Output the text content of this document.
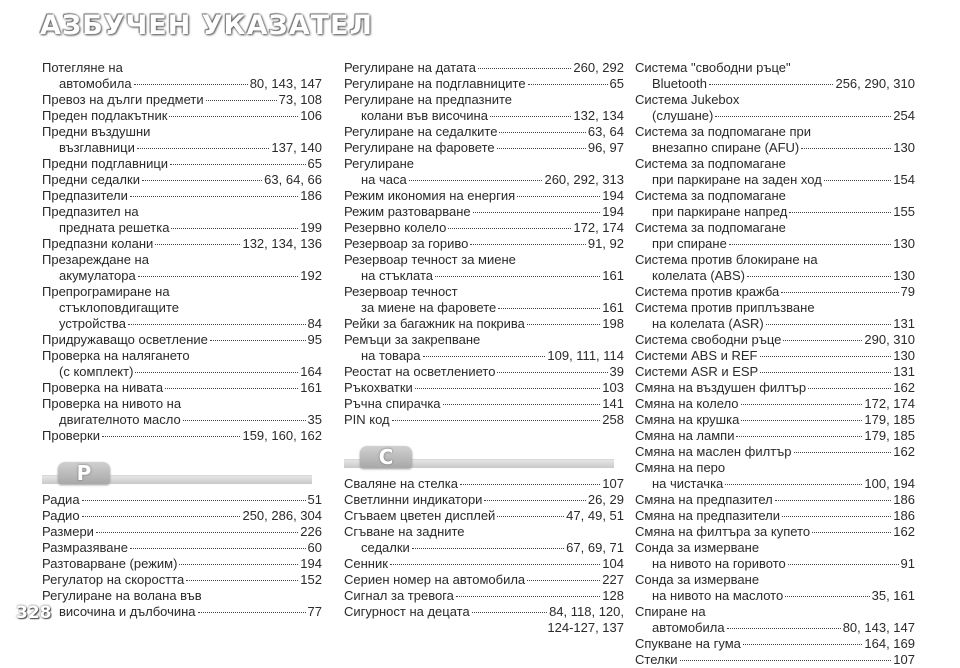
АЗБУЧЕН УКАЗАТЕЛ
Потегляне на
автомобила	80, 143, 147
Превоз на дълги предмети	73, 108
Преден подлакътник	106
Предни въздушни
възглавници	137, 140
Предни подглавници	65
Предни седалки	63, 64, 66
Предпазители	186
Предпазител на
предната решетка	199
Предпазни колани	132, 134, 136
Презареждане на
акумулатора	192
Препрограмиране на
стъклоповдигащите
устройства	84
Придружаващо осветление	95
Проверка на налягането
(с комплект)	164
Проверка на нивата	161
Проверка на нивото на
двигателното масло	35
Проверки	159, 160, 162
Р
Радиа	51
Радио	250, 286, 304
Размери	226
Размразяване	60
Разтоварване (режим)	194
Регулатор на скоростта	152
Регулиране на волана във
височина и дълбочина	77
Регулиране на датата	260, 292
Регулиране на подглавниците	65
Регулиране на предпазните
колани във височина	132, 134
Регулиране на седалките	63, 64
Регулиране на фаровете	96, 97
Регулиране
на часа	260, 292, 313
Режим икономия на енергия	194
Режим разтоварване	194
Резервно колело	172, 174
Резервоар за гориво	91, 92
Резервоар течност за миене
на стъклата	161
Резервоар течност
за миене на фаровете	161
Рейки за багажник на покрива	198
Ремъци за закрепване
на товара	109, 111, 114
Реостат на осветлението	39
Ръкохватки	103
Ръчна спирачка	141
PIN код	258
С
Сваляне на стелка	107
Светлинни индикатори	26, 29
Сгъваем цветен дисплей	47, 49, 51
Сгъване на задните
седалки	67, 69, 71
Сенник	104
Сериен номер на автомобила	227
Сигнал за тревога	128
Сигурност на децата	84, 118, 120,
124-127, 137
Система "свободни ръце"
Bluetooth	256, 290, 310
Система Jukebox
(слушане)	254
Система за подпомагане при
внезапно спиране (AFU)	130
Система за подпомагане
при паркиране на заден ход	154
Система за подпомагане
при паркиране напред	155
Система за подпомагане
при спиране	130
Система против блокиране на
колелата (ABS)	130
Система против кражба	79
Система против приплъзване
на колелата (ASR)	131
Система свободни ръце	290, 310
Системи ABS и REF	130
Системи ASR и ESP	131
Смяна на въздушен филтър	162
Смяна на колело	172, 174
Смяна на крушка	179, 185
Смяна на лампи	179, 185
Смяна на маслен филтър	162
Смяна на перо
на чистачка	100, 194
Смяна на предпазител	186
Смяна на предпазители	186
Смяна на филтъра за купето	162
Сонда за измерване
на нивото на горивото	91
Сонда за измерване
на нивото на маслото	35, 161
Спиране на
автомобила	80, 143, 147
Спукване на гума	164, 169
Стелки	107
328
